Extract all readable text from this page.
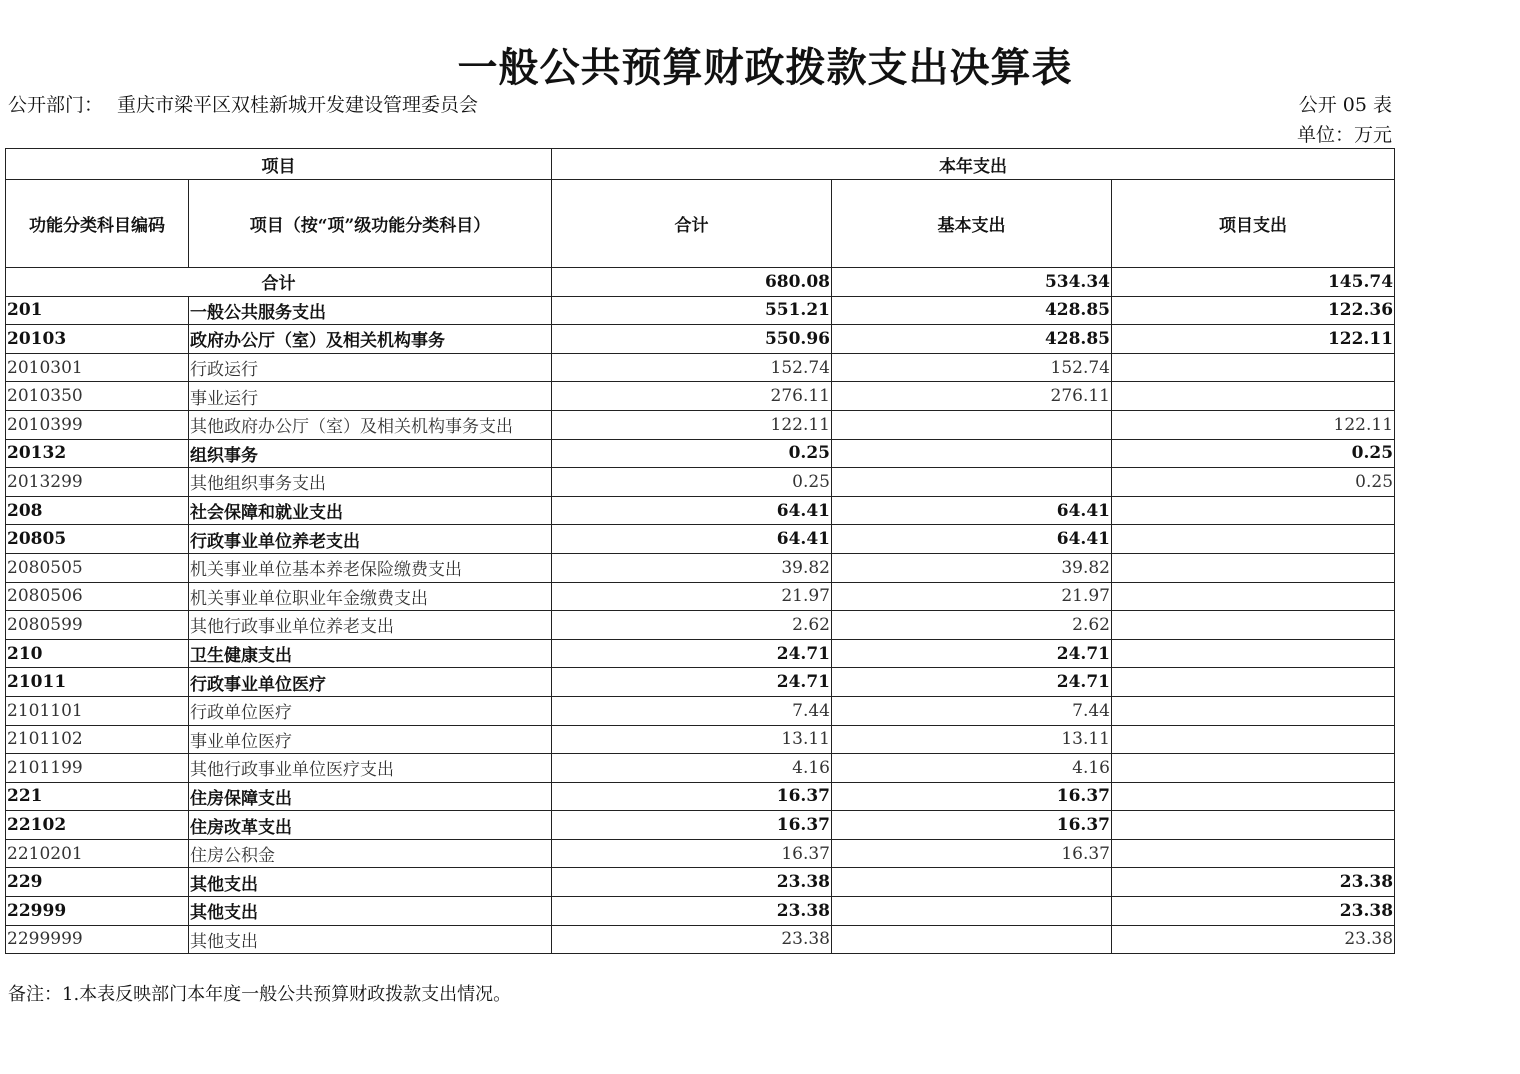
一般公共预算财政拨款支出决算表
公开部门： 重庆市梁平区双桂新城开发建设管理委员会	公开 05 表
单位：万元
项目		本年支出		
功能分类科目编码	项目（按“项”级功能分类科目）	合计	基本支出	项目支出
合计		680.08	534.34	145.74
201	一般公共服务支出	551.21	428.85	122.36
20103	政府办公厅（室）及相关机构事务	550.96	428.85	122.11
2010301	行政运行	152.74	152.74	
2010350	事业运行	276.11	276.11	
2010399	其他政府办公厅（室）及相关机构事务支出	122.11		122.11
20132	组织事务	0.25		0.25
2013299	其他组织事务支出	0.25		0.25
208	社会保障和就业支出	64.41	64.41	
20805	行政事业单位养老支出	64.41	64.41	
2080505	机关事业单位基本养老保险缴费支出	39.82	39.82	
2080506	机关事业单位职业年金缴费支出	21.97	21.97	
2080599	其他行政事业单位养老支出	2.62	2.62	
210	卫生健康支出	24.71	24.71	
21011	行政事业单位医疗	24.71	24.71	
2101101	行政单位医疗	7.44	7.44	
2101102	事业单位医疗	13.11	13.11	
2101199	其他行政事业单位医疗支出	4.16	4.16	
221	住房保障支出	16.37	16.37	
22102	住房改革支出	16.37	16.37	
2210201	住房公积金	16.37	16.37	
229	其他支出	23.38		23.38
22999	其他支出	23.38		23.38
2299999	其他支出	23.38		23.38
备注：1.本表反映部门本年度一般公共预算财政拨款支出情况。
